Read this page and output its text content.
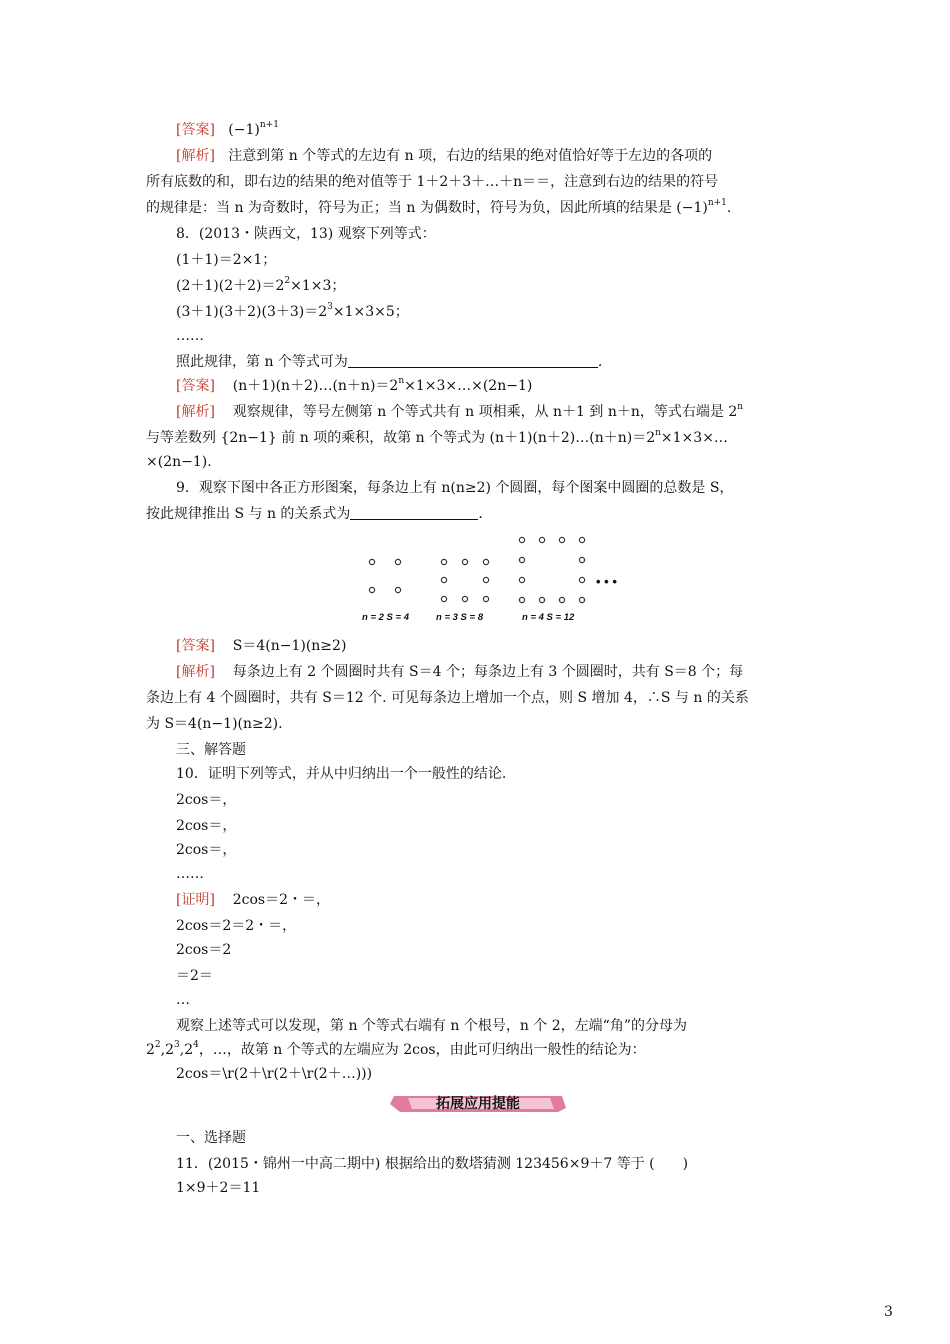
[答案] $(-1)^{n+1}$
[解析] 注意到第 n 个等式的左边有 n 项，右边的结果的绝对值恰好等于左边的各项的
所有底数的和，即右边的结果的绝对值等于 1＋2＋3＋…＋n＝＝，注意到右边的结果的符号
的规律是：当 n 为奇数时，符号为正；当 n 为偶数时，符号为负，因此所填的结果是 $(-1)^{n+1}$.
8．(2013・陕西文，13) 观察下列等式：
(1＋1)＝2×1；
$(2+1)(2+2)=2^2\times 1\times 3$；
$(3+1)(3+2)(3+3)=2^3\times 1\times 3\times 5$；
……
照此规律，第 n 个等式可为	.
[答案] $(n+1)(n+2)\dots(n+n)=2^n\times 1\times 3\times\dots\times(2n-1)$
[解析] 观察规律，等号左侧第 n 个等式共有 n 项相乘，从 n＋1 到 n＋n，等式右端是 2$^n$
与等差数列 {2n−1} 前 n 项的乘积，故第 n 个等式为 $(n+1)(n+2)\dots(n+n)=2^n\times 1\times 3\times\dots$
×(2n−1).
9．观察下图中各正方形图案，每条边上有 n(n≥2) 个圆圈，每个图案中圆圈的总数是 S，
按此规律推出 S 与 n 的关系式为	.
• • •
n = 2 S = 4	n = 3 S = 8	n = 4 S = 12
[答案] S＝4(n−1)(n≥2)
[解析] 每条边上有 2 个圆圈时共有 S＝4 个；每条边上有 3 个圆圈时，共有 S＝8 个；每
条边上有 4 个圆圈时，共有 S＝12 个. 可见每条边上增加一个点，则 S 增加 4，∴S 与 n 的关系
为 S＝4(n−1)(n≥2).
三、解答题
10．证明下列等式，并从中归纳出一个一般性的结论.
2cos＝，
2cos＝，
2cos＝，
……
[证明] 2cos＝2・＝，
2cos＝2＝2・＝，
2cos＝2
＝2＝
…
观察上述等式可以发现，第 n 个等式右端有 n 个根号，n 个 2，左端“角”的分母为
$2^2,2^3,2^4$，…，故第 n 个等式的左端应为 2cos，由此可归纳出一般性的结论为：
2cos＝\r(2＋\r(2＋\r(2＋…)))
拓展应用提能
一、选择题
11．(2015・锦州一中高二期中) 根据给出的数塔猜测 123456×9＋7 等于 (　　)
1×9＋2＝11
3
